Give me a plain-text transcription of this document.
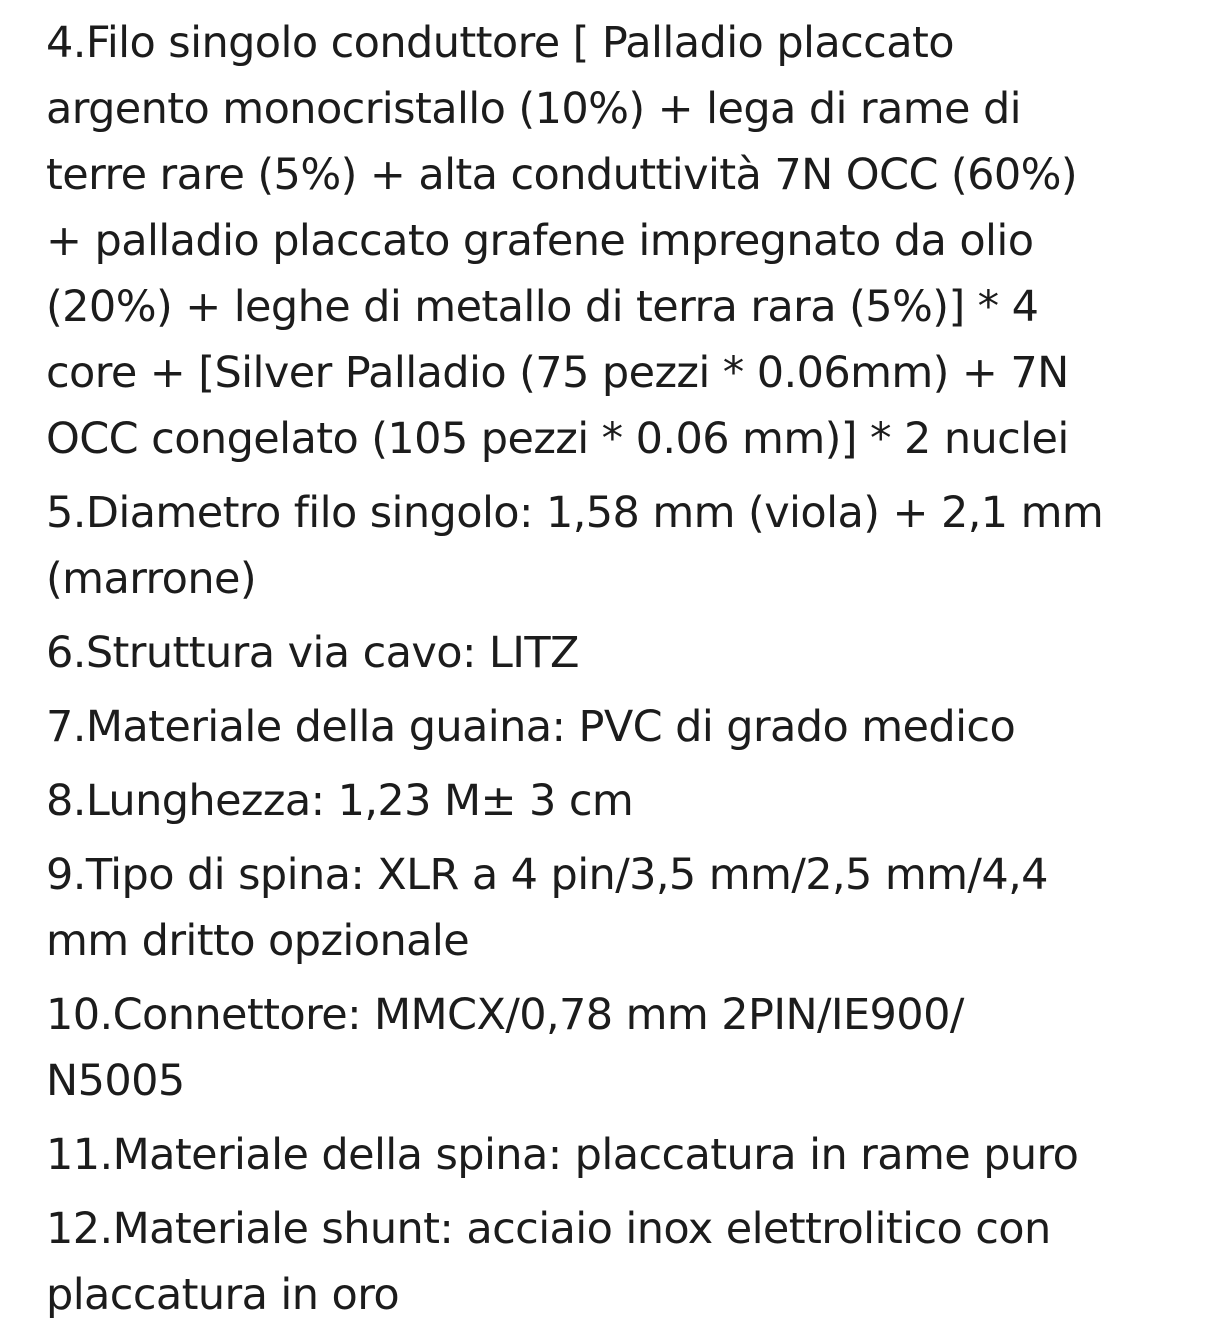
4.Filo singolo conduttore [ Palladio placcato
argento monocristallo (10%) + lega di rame di
terre rare (5%) + alta conduttività 7N OCC (60%)
+ palladio placcato grafene impregnato da olio
(20%) + leghe di metallo di terra rara (5%)] * 4
core + [Silver Palladio (75 pezzi * 0.06mm) + 7N
OCC congelato (105 pezzi * 0.06 mm)] * 2 nuclei
5.Diametro filo singolo: 1,58 mm (viola) + 2,1 mm
(marrone)
6.Struttura via cavo: LITZ
7.Materiale della guaina: PVC di grado medico
8.Lunghezza: 1,23 M± 3 cm
9.Tipo di spina: XLR a 4 pin/3,5 mm/2,5 mm/4,4
mm dritto opzionale
10.Connettore: MMCX/0,78 mm 2PIN/IE900/
N5005
11.Materiale della spina: placcatura in rame puro
12.Materiale shunt: acciaio inox elettrolitico con
placcatura in oro
